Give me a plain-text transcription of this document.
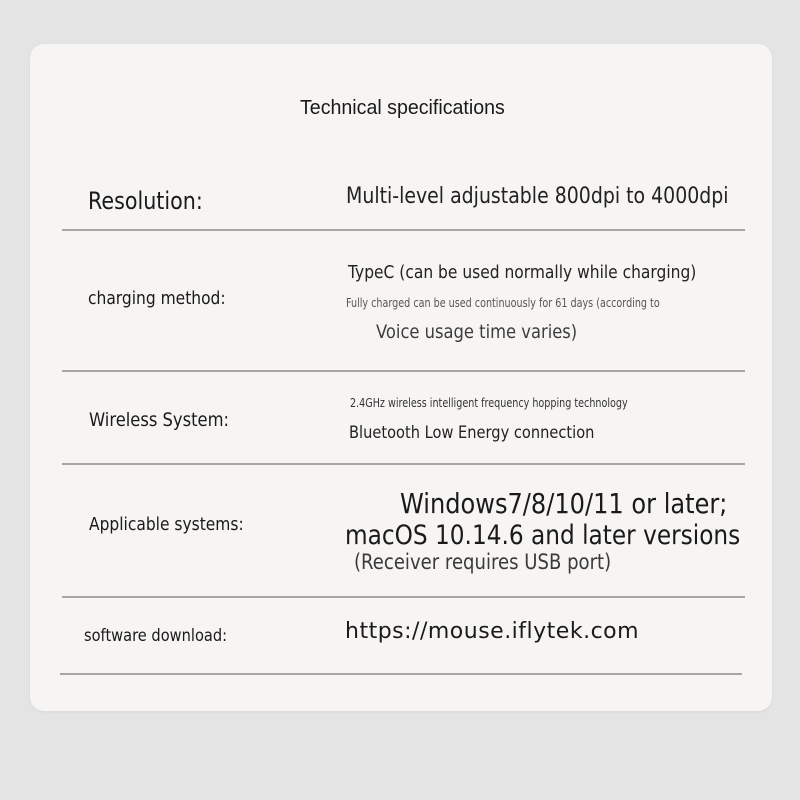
Technical specifications
Resolution:	Multi-level adjustable 800dpi to 4000dpi
charging method:
TypeC (can be used normally while charging)
Fully charged can be used continuously for 61 days (according to
Voice usage time varies)
Wireless System:
2.4GHz wireless intelligent frequency hopping technology
Bluetooth Low Energy connection
Applicable systems:
Windows7/8/10/11 or later;
macOS 10.14.6 and later versions
(Receiver requires USB port)
software download:	https://mouse.iflytek.com
